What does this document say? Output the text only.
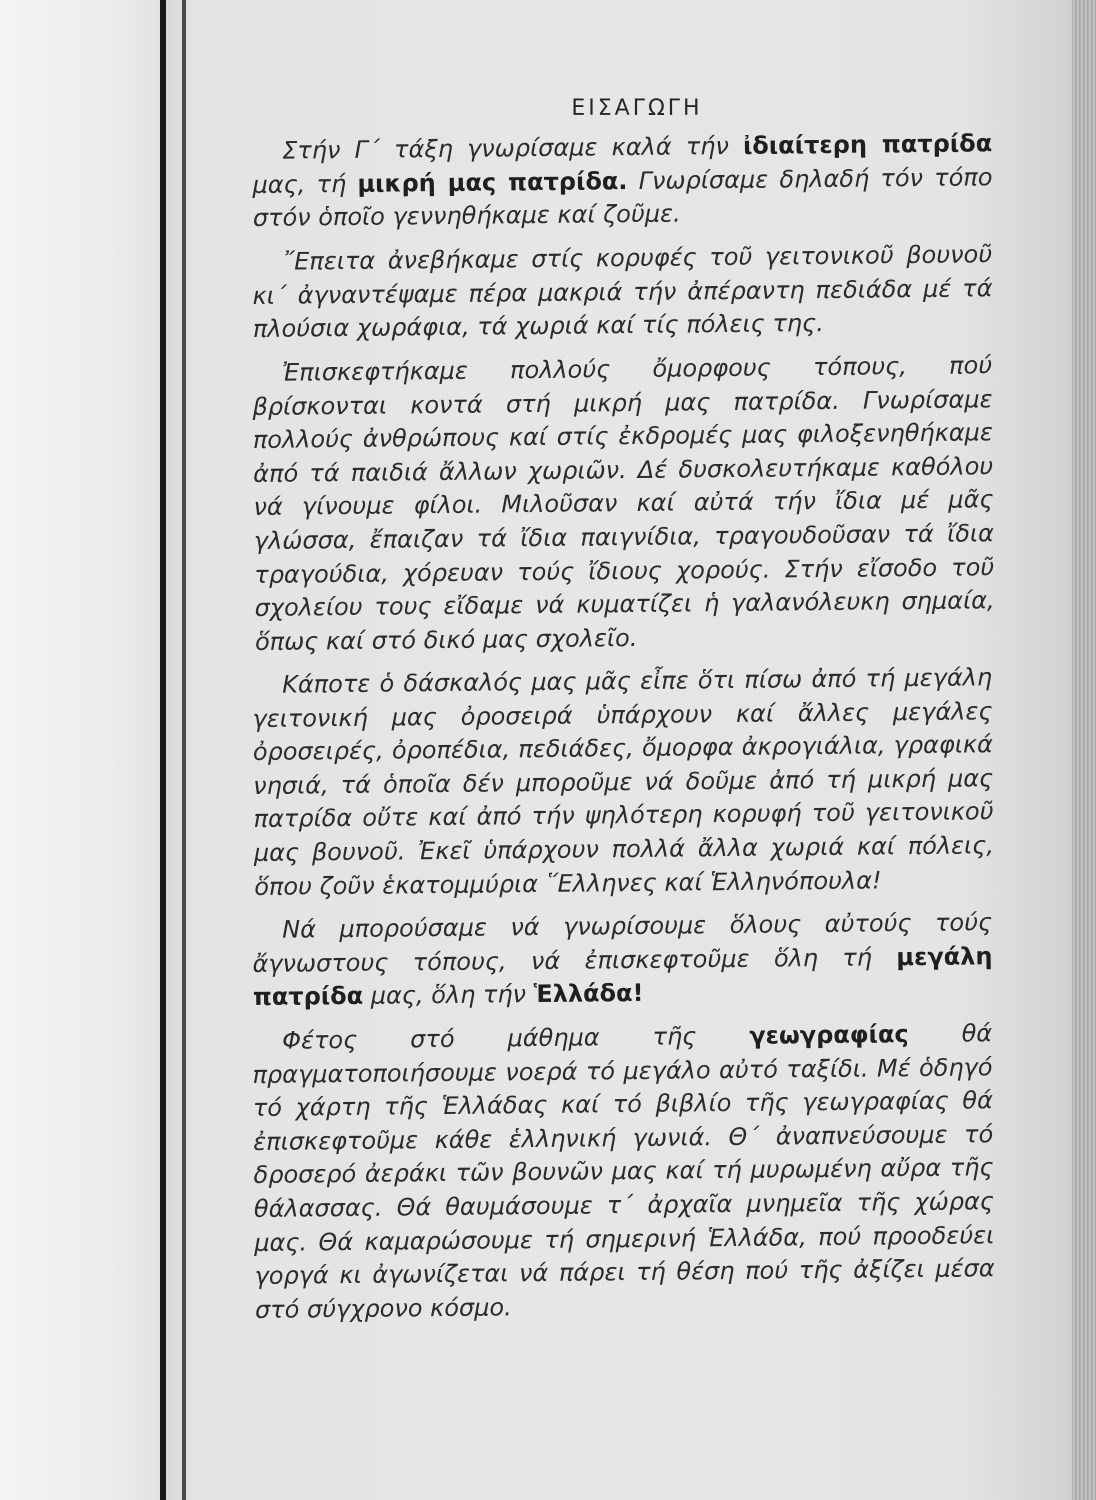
ΕΙΣΑΓΩΓΗ

Στήν Γ΄ τάξη γνωρίσαμε καλά τήν ἰδιαίτερη πατρίδα μας, τή μικρή μας πατρίδα. Γνωρίσαμε δηλαδή τόν τόπο στόν ὁποῖο γεννηθήκαμε καί ζοῦμε.

῎Επειτα ἀνεβήκαμε στίς κορυφές τοῦ γειτονικοῦ βουνοῦ κι΄ ἀγναντέψαμε πέρα μακριά τήν ἀπέραντη πεδιάδα μέ τά πλούσια χωράφια, τά χωριά καί τίς πόλεις της.

Ἐπισκεφτήκαμε πολλούς ὄμορφους τόπους, πού βρίσκονται κοντά στή μικρή μας πατρίδα. Γνωρίσαμε πολλούς ἀνθρώπους καί στίς ἐκδρομές μας φιλοξενηθήκαμε ἀπό τά παιδιά ἄλλων χωριῶν. Δέ δυσκολευτήκαμε καθόλου νά γίνουμε φίλοι. Μιλοῦσαν καί αὐτά τήν ἴδια μέ μᾶς γλώσσα, ἔπαιζαν τά ἴδια παιγνίδια, τραγουδοῦσαν τά ἴδια τραγούδια, χόρευαν τούς ἴδιους χορούς. Στήν εἴσοδο τοῦ σχολείου τους εἴδαμε νά κυματίζει ἡ γαλανόλευκη σημαία, ὅπως καί στό δικό μας σχολεῖο.

Κάποτε ὁ δάσκαλός μας μᾶς εἶπε ὅτι πίσω ἀπό τή μεγάλη γειτονική μας ὀροσειρά ὑπάρχουν καί ἄλλες μεγάλες ὀροσειρές, ὀροπέδια, πεδιάδες, ὄμορφα ἀκρογιάλια, γραφικά νησιά, τά ὁποῖα δέν μποροῦμε νά δοῦμε ἀπό τή μικρή μας πατρίδα οὔτε καί ἀπό τήν ψηλότερη κορυφή τοῦ γειτονικοῦ μας βουνοῦ. Ἐκεῖ ὑπάρχουν πολλά ἄλλα χωριά καί πόλεις, ὅπου ζοῦν ἑκατομμύρια ῞Ελληνες καί Ἑλληνόπουλα!

Νά μπορούσαμε νά γνωρίσουμε ὅλους αὐτούς τούς ἄγνωστους τόπους, νά ἐπισκεφτοῦμε ὅλη τή μεγάλη πατρίδα μας, ὅλη τήν Ἑλλάδα!

Φέτος στό μάθημα τῆς γεωγραφίας θά πραγματοποιήσουμε νοερά τό μεγάλο αὐτό ταξίδι. Μέ ὁδηγό τό χάρτη τῆς Ἑλλάδας καί τό βιβλίο τῆς γεωγραφίας θά ἐπισκεφτοῦμε κάθε ἑλληνική γωνιά. Θ΄ ἀναπνεύσουμε τό δροσερό ἀεράκι τῶν βουνῶν μας καί τή μυρωμένη αὔρα τῆς θάλασσας. Θά θαυμάσουμε τ΄ ἀρχαῖα μνημεῖα τῆς χώρας μας. Θά καμαρώσουμε τή σημερινή Ἑλλάδα, πού προοδεύει γοργά κι ἀγωνίζεται νά πάρει τή θέση πού τῆς ἀξίζει μέσα στό σύγχρονο κόσμο.
